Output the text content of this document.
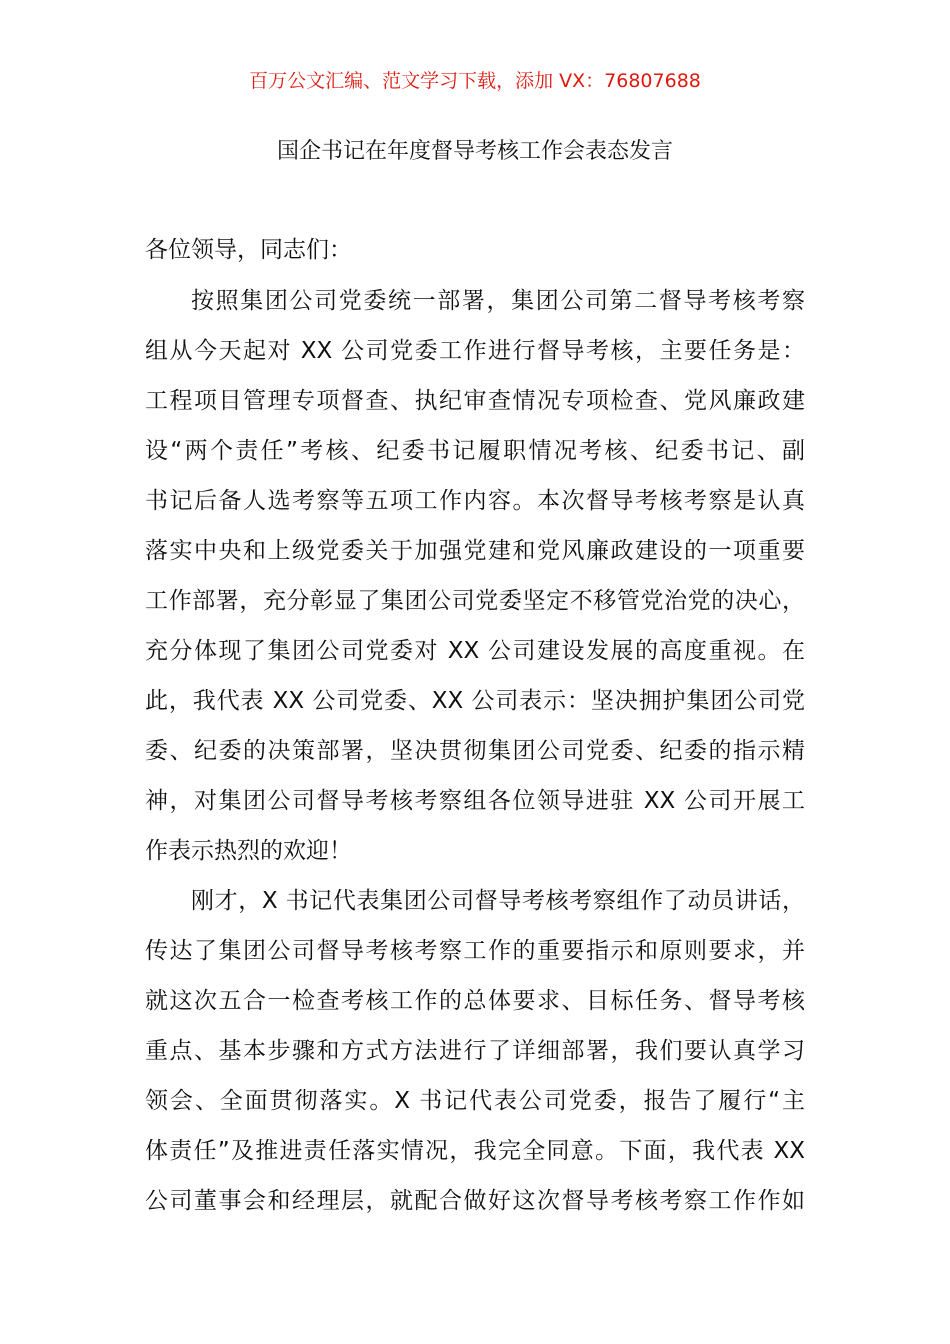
百万公文汇编、范文学习下载，添加 VX：76807688
国企书记在年度督导考核工作会表态发言
各位领导，同志们：
按照集团公司党委统一部署，集团公司第二督导考核考察
组从今天起对 XX 公司党委工作进行督导考核，主要任务是：
工程项目管理专项督查、执纪审查情况专项检查、党风廉政建
设“两个责任”考核、纪委书记履职情况考核、纪委书记、副
书记后备人选考察等五项工作内容。本次督导考核考察是认真
落实中央和上级党委关于加强党建和党风廉政建设的一项重要
工作部署，充分彰显了集团公司党委坚定不移管党治党的决心，
充分体现了集团公司党委对 XX 公司建设发展的高度重视。在
此，我代表 XX 公司党委、XX 公司表示：坚决拥护集团公司党
委、纪委的决策部署，坚决贯彻集团公司党委、纪委的指示精
神，对集团公司督导考核考察组各位领导进驻 XX 公司开展工
作表示热烈的欢迎！
刚才，X 书记代表集团公司督导考核考察组作了动员讲话，
传达了集团公司督导考核考察工作的重要指示和原则要求，并
就这次五合一检查考核工作的总体要求、目标任务、督导考核
重点、基本步骤和方式方法进行了详细部署，我们要认真学习
领会、全面贯彻落实。X 书记代表公司党委，报告了履行“主
体责任”及推进责任落实情况，我完全同意。下面，我代表 XX
公司董事会和经理层，就配合做好这次督导考核考察工作作如
